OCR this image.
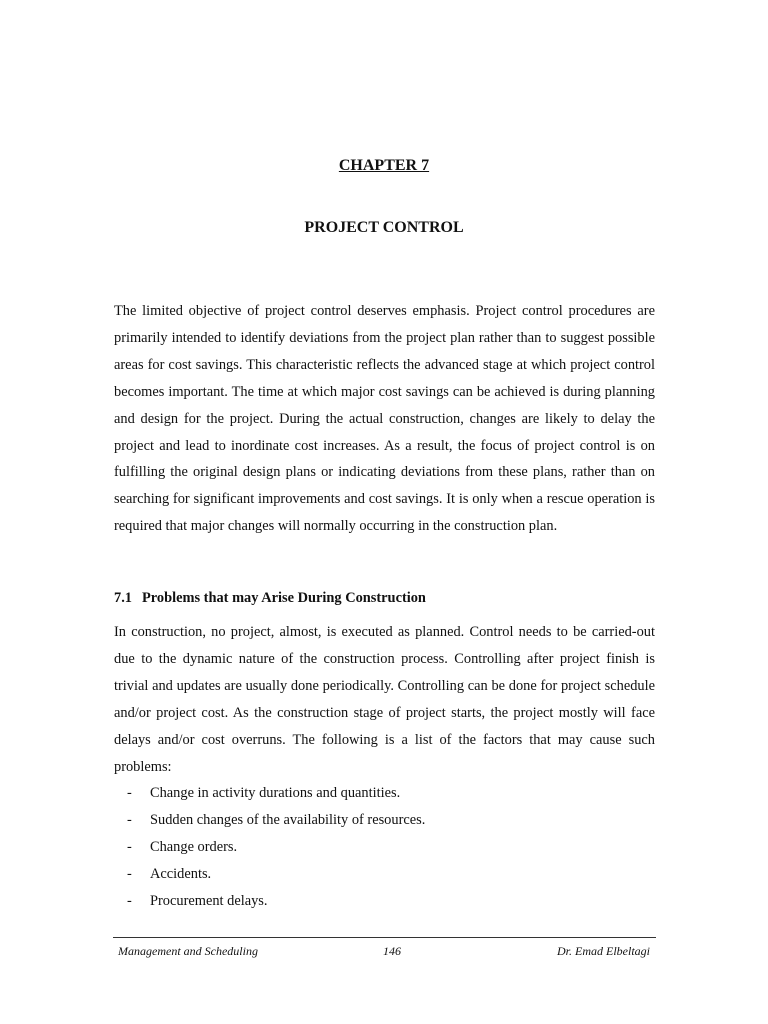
CHAPTER 7
PROJECT CONTROL

The limited objective of project control deserves emphasis. Project control procedures are primarily intended to identify deviations from the project plan rather than to suggest possible areas for cost savings. This characteristic reflects the advanced stage at which project control becomes important. The time at which major cost savings can be achieved is during planning and design for the project. During the actual construction, changes are likely to delay the project and lead to inordinate cost increases. As a result, the focus of project control is on fulfilling the original design plans or indicating deviations from these plans, rather than on searching for significant improvements and cost savings. It is only when a rescue operation is required that major changes will normally occurring in the construction plan.

7.1 Problems that may Arise During Construction

In construction, no project, almost, is executed as planned. Control needs to be carried-out due to the dynamic nature of the construction process. Controlling after project finish is trivial and updates are usually done periodically. Controlling can be done for project schedule and/or project cost. As the construction stage of project starts, the project mostly will face delays and/or cost overruns. The following is a list of the factors that may cause such problems:

- Change in activity durations and quantities.
- Sudden changes of the availability of resources.
- Change orders.
- Accidents.
- Procurement delays.
Management and Scheduling	146	Dr. Emad Elbeltagi
